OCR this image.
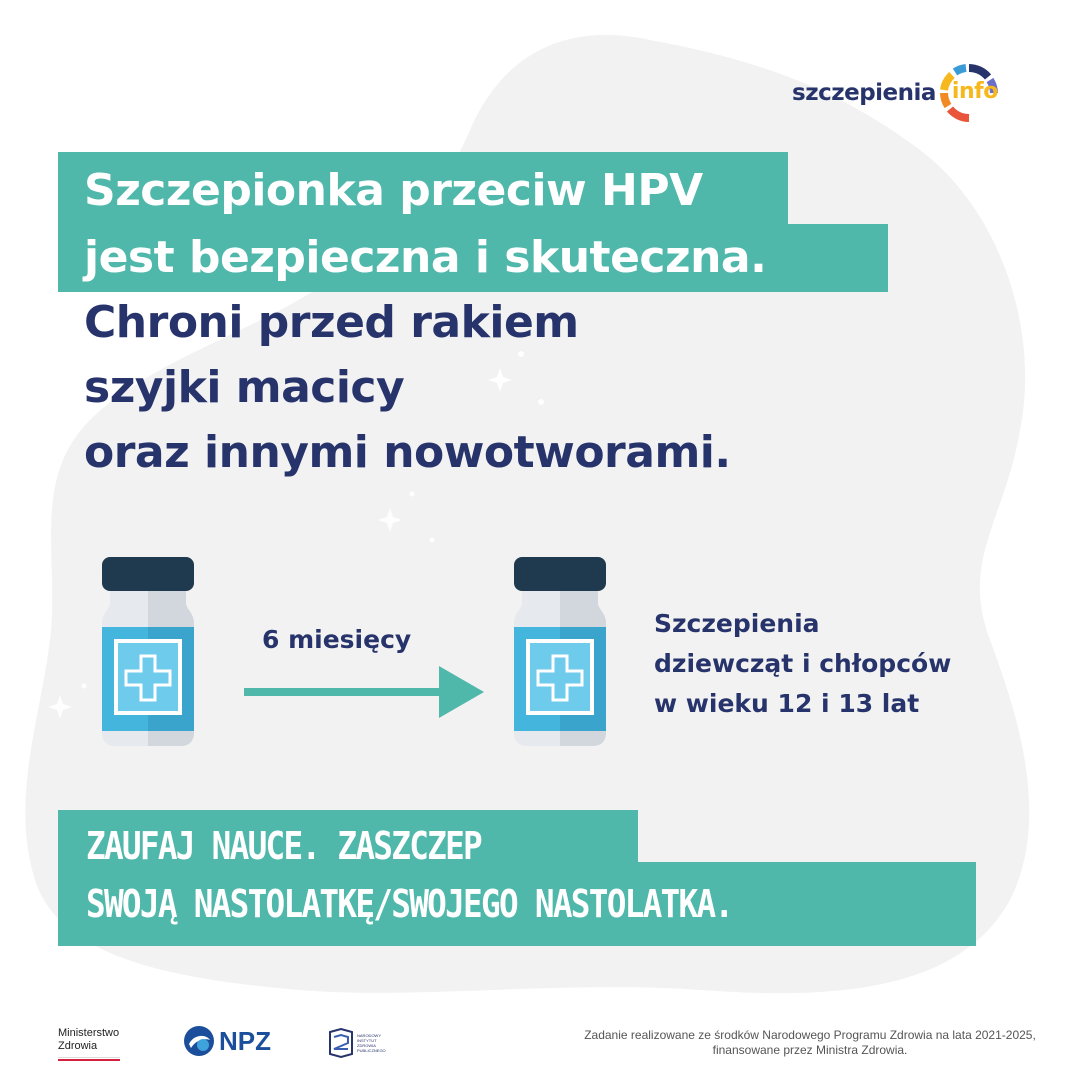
szczepienia info
Szczepionka przeciw HPV
jest bezpieczna i skuteczna.
Chroni przed rakiem
szyjki macicy
oraz innymi nowotworami.
6 miesięcy
Szczepienia
dziewcząt i chłopców
w wieku 12 i 13 lat
ZAUFAJ NAUCE. ZASZCZEP
SWOJĄ NASTOLATKĘ/SWOJEGO NASTOLATKA.
Ministerstwo
Zdrowia	NPZ	NARODOWY
INSTYTUT
ZDROWIA
PUBLICZNEGO
Zadanie realizowane ze środków Narodowego Programu Zdrowia na lata 2021-2025,
finansowane przez Ministra Zdrowia.
